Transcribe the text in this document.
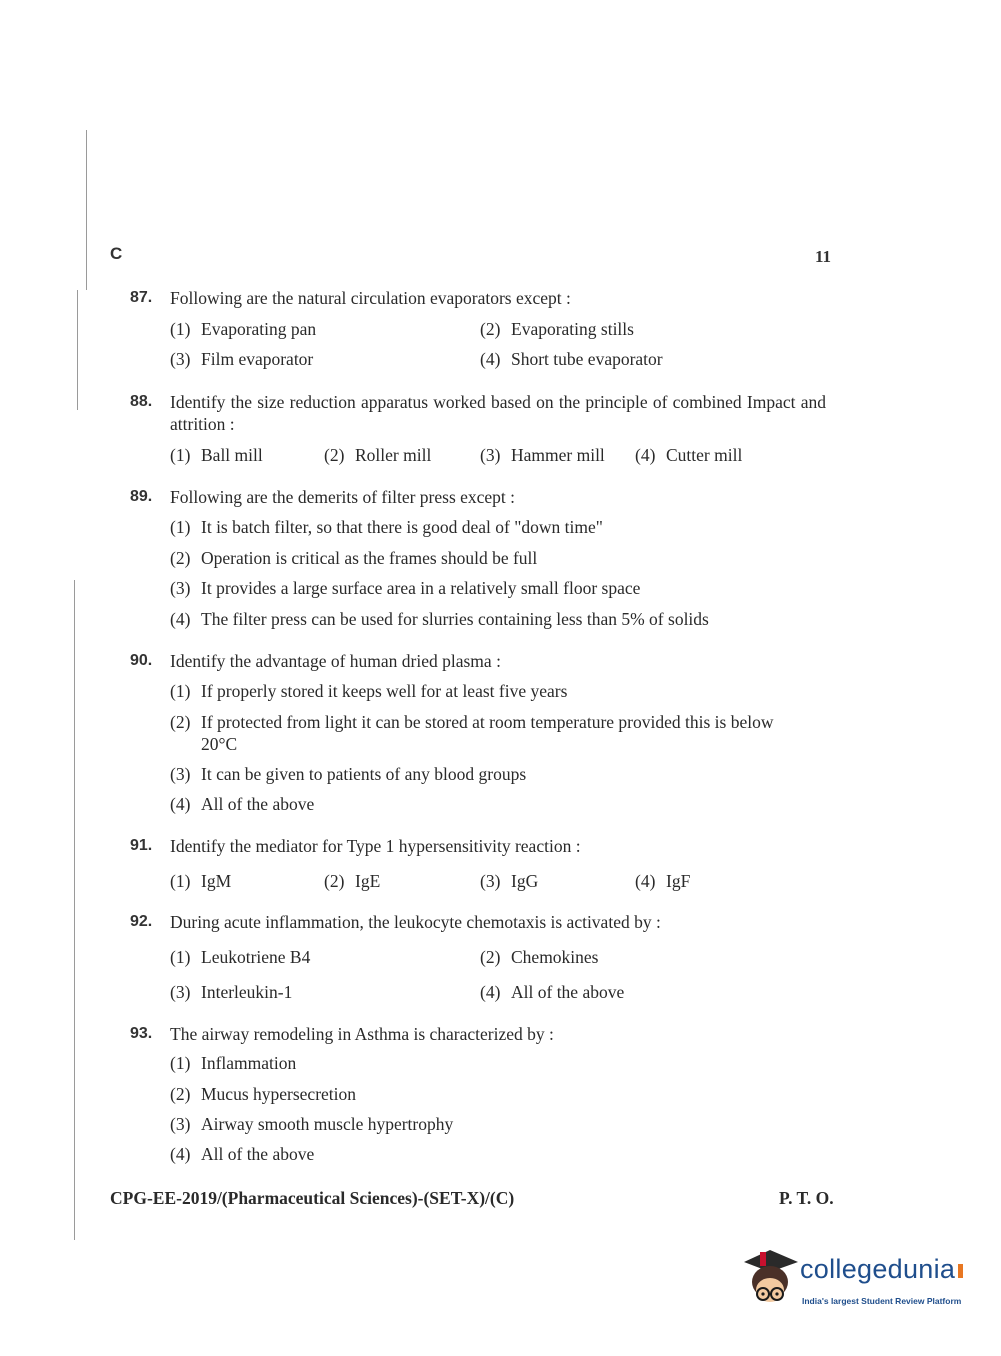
C	11
87. Following are the natural circulation evaporators except :
(1) Evaporating pan	(2) Evaporating stills
(3) Film evaporator	(4) Short tube evaporator
88. Identify the size reduction apparatus worked based on the principle of combined Impact and attrition :
(1) Ball mill	(2) Roller mill	(3) Hammer mill (4) Cutter mill
89. Following are the demerits of filter press except :
(1) It is batch filter, so that there is good deal of "down time"
(2) Operation is critical as the frames should be full
(3) It provides a large surface area in a relatively small floor space
(4) The filter press can be used for slurries containing less than 5% of solids
90. Identify the advantage of human dried plasma :
(1) If properly stored it keeps well for at least five years
(2) If protected from light it can be stored at room temperature provided this is below
20°C
(3) It can be given to patients of any blood groups
(4) All of the above
91. Identify the mediator for Type 1 hypersensitivity reaction :
(1) IgM	(2) IgE	(3) IgG	(4) IgF
92. During acute inflammation, the leukocyte chemotaxis is activated by :
(1) Leukotriene B4	(2) Chemokines
(3) Interleukin-1	(4) All of the above
93. The airway remodeling in Asthma is characterized by :
(1) Inflammation
(2) Mucus hypersecretion
(3) Airway smooth muscle hypertrophy
(4) All of the above
CPG-EE-2019/(Pharmaceutical Sciences)-(SET-X)/(C)	P. T. O.
collegedunia
India's largest Student Review Platform
